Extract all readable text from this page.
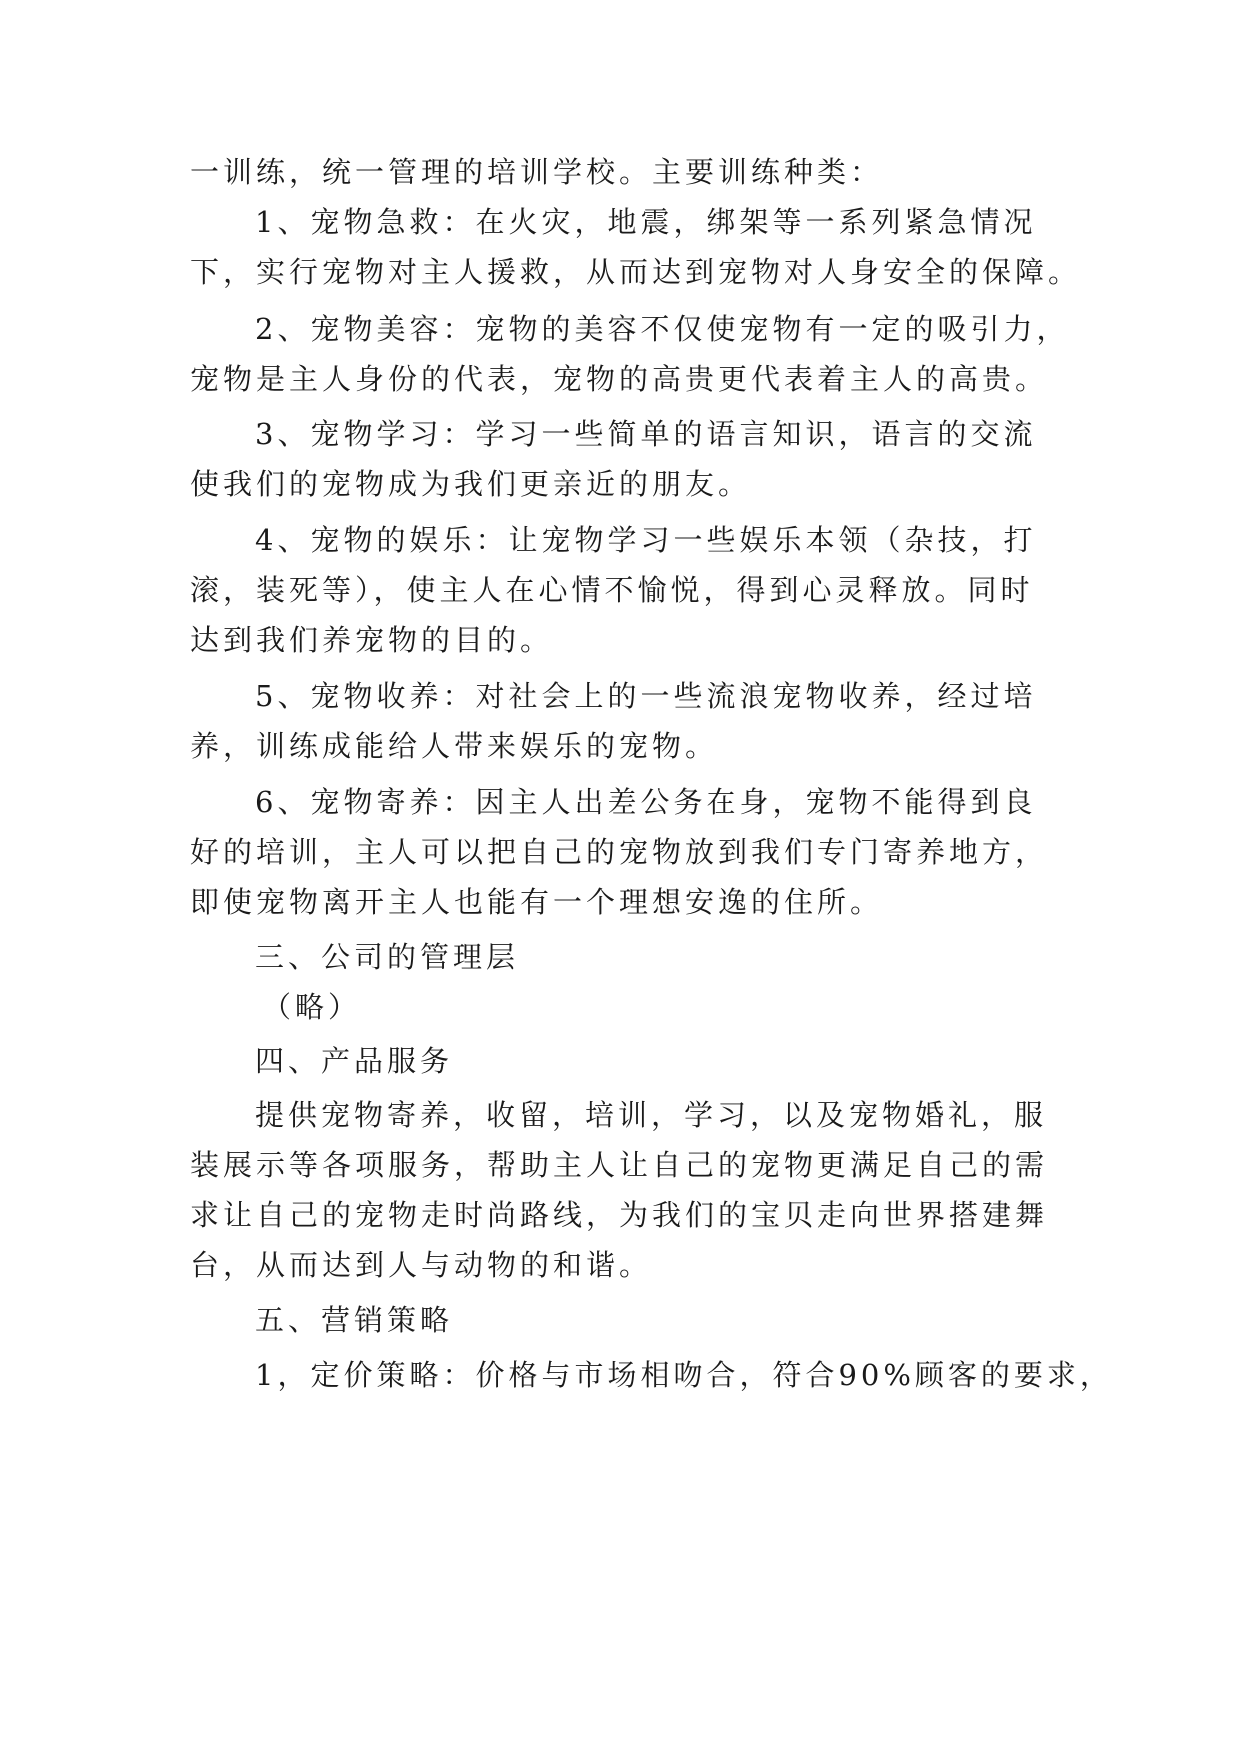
一训练，统一管理的培训学校。主要训练种类：

1、宠物急救：在火灾，地震，绑架等一系列紧急情况

下，实行宠物对主人援救，从而达到宠物对人身安全的保障。

2、宠物美容：宠物的美容不仅使宠物有一定的吸引力，

宠物是主人身份的代表，宠物的高贵更代表着主人的高贵。

3、宠物学习：学习一些简单的语言知识，语言的交流

使我们的宠物成为我们更亲近的朋友。

4、宠物的娱乐：让宠物学习一些娱乐本领（杂技，打

滚，装死等），使主人在心情不愉悦，得到心灵释放。同时

达到我们养宠物的目的。

5、宠物收养：对社会上的一些流浪宠物收养，经过培

养，训练成能给人带来娱乐的宠物。

6、宠物寄养：因主人出差公务在身，宠物不能得到良

好的培训，主人可以把自己的宠物放到我们专门寄养地方，

即使宠物离开主人也能有一个理想安逸的住所。

三、公司的管理层

（略）

四、产品服务

提供宠物寄养，收留，培训，学习，以及宠物婚礼，服

装展示等各项服务，帮助主人让自己的宠物更满足自己的需

求让自己的宠物走时尚路线，为我们的宝贝走向世界搭建舞

台，从而达到人与动物的和谐。

五、营销策略

1，定价策略：价格与市场相吻合，符合90%顾客的要求，
